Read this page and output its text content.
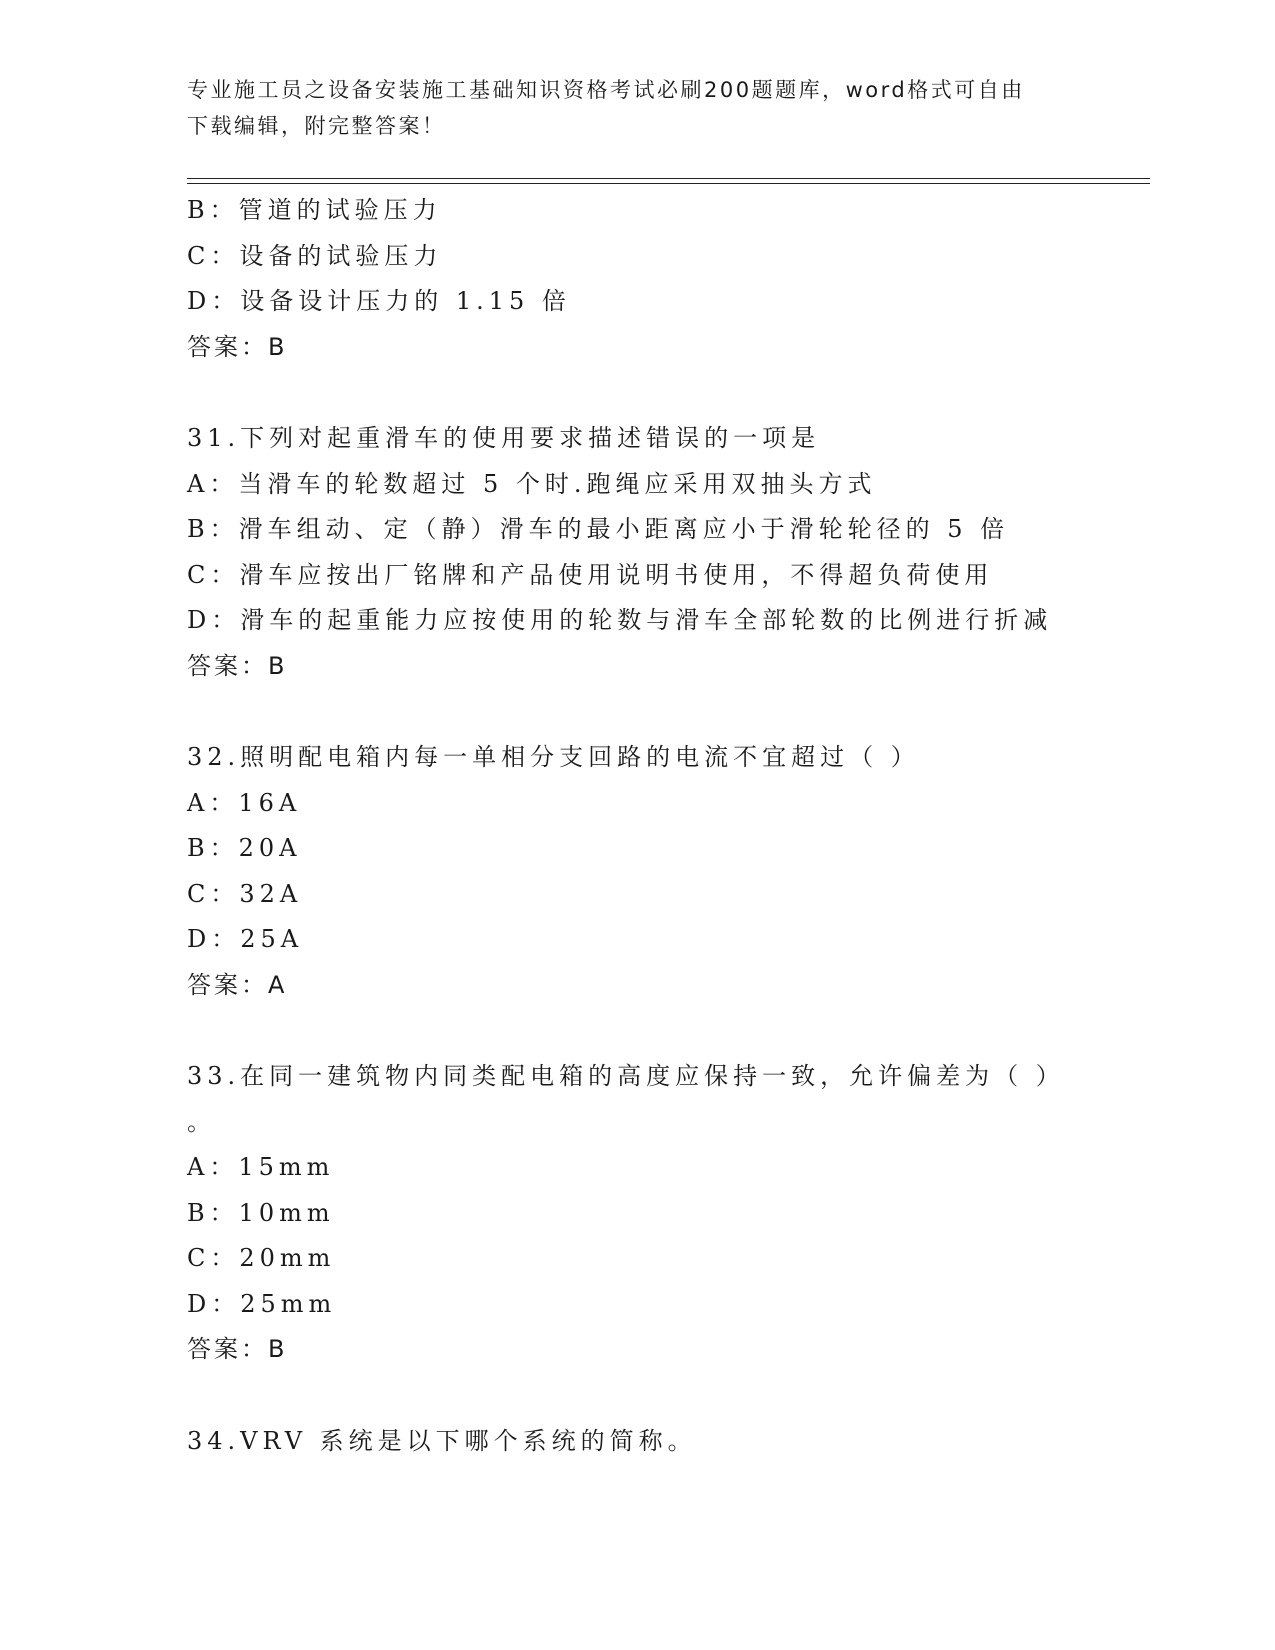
专业施工员之设备安装施工基础知识资格考试必刷200题题库，word格式可自由
下载编辑，附完整答案！
B：管道的试验压力
C：设备的试验压力
D：设备设计压力的 1.15 倍
答案：B
31.下列对起重滑车的使用要求描述错误的一项是
A：当滑车的轮数超过 5 个时.跑绳应采用双抽头方式
B：滑车组动、定（静）滑车的最小距离应小于滑轮轮径的 5 倍
C：滑车应按出厂铭牌和产品使用说明书使用，不得超负荷使用
D：滑车的起重能力应按使用的轮数与滑车全部轮数的比例进行折减
答案：B
32.照明配电箱内每一单相分支回路的电流不宜超过（ ）
A：16A
B：20A
C：32A
D：25A
答案：A
33.在同一建筑物内同类配电箱的高度应保持一致，允许偏差为（ ）
。
A：15mm
B：10mm
C：20mm
D：25mm
答案：B
34.VRV 系统是以下哪个系统的简称。
